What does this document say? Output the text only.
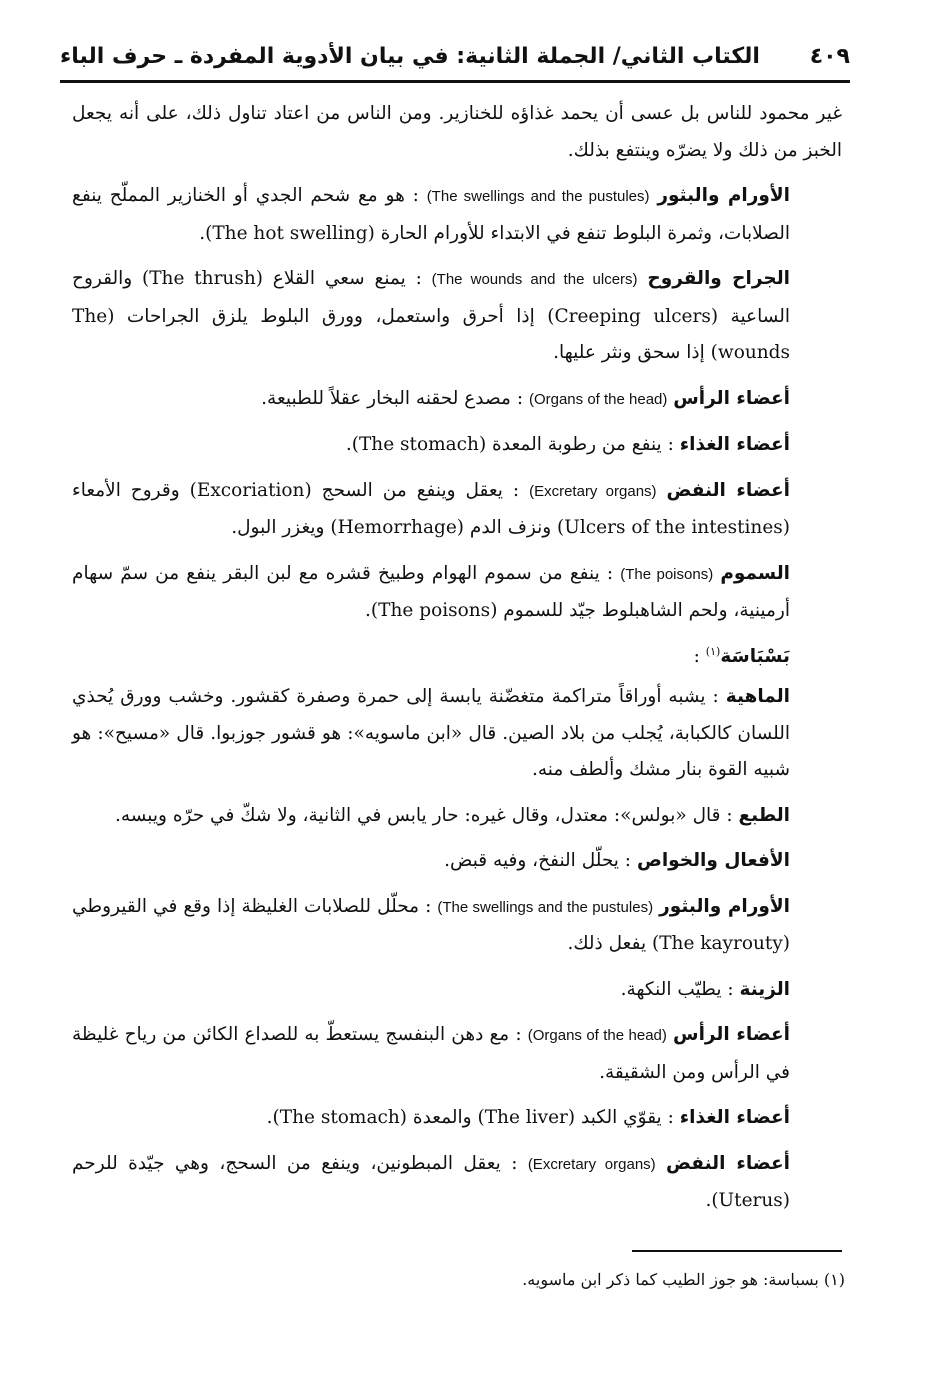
الكتاب الثاني/ الجملة الثانية: في بيان الأدوية المفردة ـ حرف الباء ٤٠٩

غير محمود للناس بل عسى أن يحمد غذاؤه للخنازير. ومن الناس من اعتاد تناول ذلك، على أنه يجعل الخبز من ذلك ولا يضرّه وينتفع بذلك.

الأورام والبثور (The swellings and the pustules) : هو مع شحم الجدي أو الخنازير المملّح ينفع الصلابات، وثمرة البلوط تنفع في الابتداء للأورام الحارة (The hot swelling).

الجراح والقروح (The wounds and the ulcers) : يمنع سعي القلاع (The thrush) والقروح الساعية (Creeping ulcers) إذا أحرق واستعمل، وورق البلوط يلزق الجراحات (The wounds) إذا سحق ونثر عليها.

أعضاء الرأس (Organs of the head) : مصدع لحقنه البخار عقلاً للطبيعة.

أعضاء الغذاء : ينفع من رطوبة المعدة (The stomach).

أعضاء النفض (Excretary organs) : يعقل وينفع من السحج (Excoriation) وقروح الأمعاء (Ulcers of the intestines) ونزف الدم (Hemorrhage) ويغزر البول.

السموم (The poisons) : ينفع من سموم الهوام وطبيخ قشره مع لبن البقر ينفع من سمّ سهام أرمينية، ولحم الشاهبلوط جيّد للسموم (The poisons).

بَسْبَاسَة$^{(١)}$ :

الماهية : يشبه أوراقاً متراكمة متغضّنة يابسة إلى حمرة وصفرة كقشور. وخشب وورق يُحذي اللسان كالكبابة، يُجلب من بلاد الصين. قال «ابن ماسويه»: هو قشور جوزبوا. قال «مسيح»: هو شبيه القوة بنار مشك وألطف منه.

الطبع : قال «بولس»: معتدل، وقال غيره: حار يابس في الثانية، ولا شكّ في حرّه ويبسه.

الأفعال والخواص : يحلّل النفخ، وفيه قبض.

الأورام والبثور (The swellings and the pustules) : محلّل للصلابات الغليظة إذا وقع في القيروطي (The kayrouty) يفعل ذلك.

الزينة : يطيّب النكهة.

أعضاء الرأس (Organs of the head) : مع دهن البنفسج يستعطّ به للصداع الكائن من رياح غليظة في الرأس ومن الشقيقة.

أعضاء الغذاء : يقوّي الكبد (The liver) والمعدة (The stomach).

أعضاء النفض (Excretary organs) : يعقل المبطونين، وينفع من السحج، وهي جيّدة للرحم (Uterus).

(١) بسباسة: هو جوز الطيب كما ذكر ابن ماسويه.
